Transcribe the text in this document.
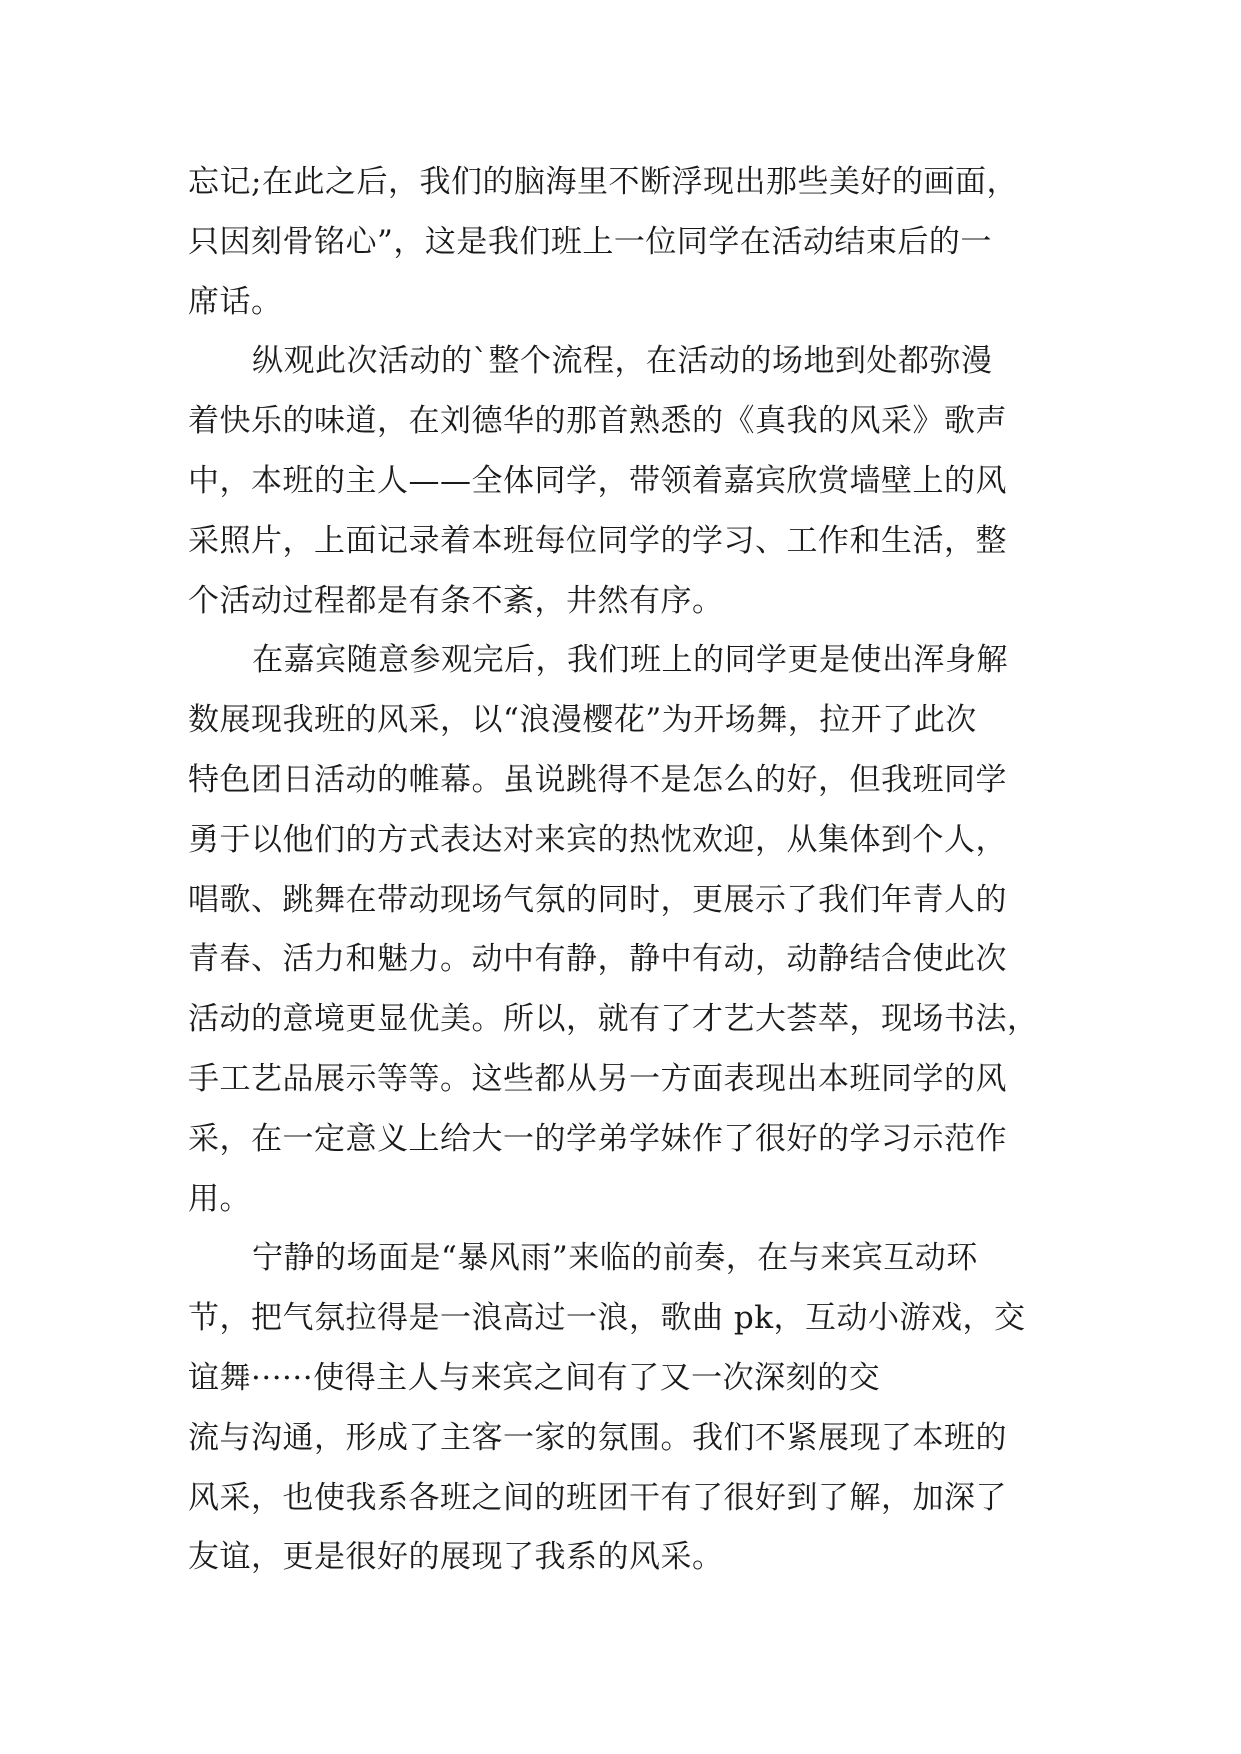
忘记;在此之后，我们的脑海里不断浮现出那些美好的画面，
只因刻骨铭心”，这是我们班上一位同学在活动结束后的一
席话。
纵观此次活动的`整个流程，在活动的场地到处都弥漫
着快乐的味道，在刘德华的那首熟悉的《真我的风采》歌声
中，本班的主人——全体同学，带领着嘉宾欣赏墙壁上的风
采照片，上面记录着本班每位同学的学习、工作和生活，整
个活动过程都是有条不紊，井然有序。
在嘉宾随意参观完后，我们班上的同学更是使出浑身解
数展现我班的风采，以“浪漫樱花”为开场舞，拉开了此次
特色团日活动的帷幕。虽说跳得不是怎么的好，但我班同学
勇于以他们的方式表达对来宾的热忱欢迎，从集体到个人，
唱歌、跳舞在带动现场气氛的同时，更展示了我们年青人的
青春、活力和魅力。动中有静，静中有动，动静结合使此次
活动的意境更显优美。所以，就有了才艺大荟萃，现场书法，
手工艺品展示等等。这些都从另一方面表现出本班同学的风
采，在一定意义上给大一的学弟学妹作了很好的学习示范作
用。
宁静的场面是“暴风雨”来临的前奏，在与来宾互动环
节，把气氛拉得是一浪高过一浪，歌曲 pk，互动小游戏，交
谊舞······使得主人与来宾之间有了又一次深刻的交
流与沟通，形成了主客一家的氛围。我们不紧展现了本班的
风采，也使我系各班之间的班团干有了很好到了解，加深了
友谊，更是很好的展现了我系的风采。
